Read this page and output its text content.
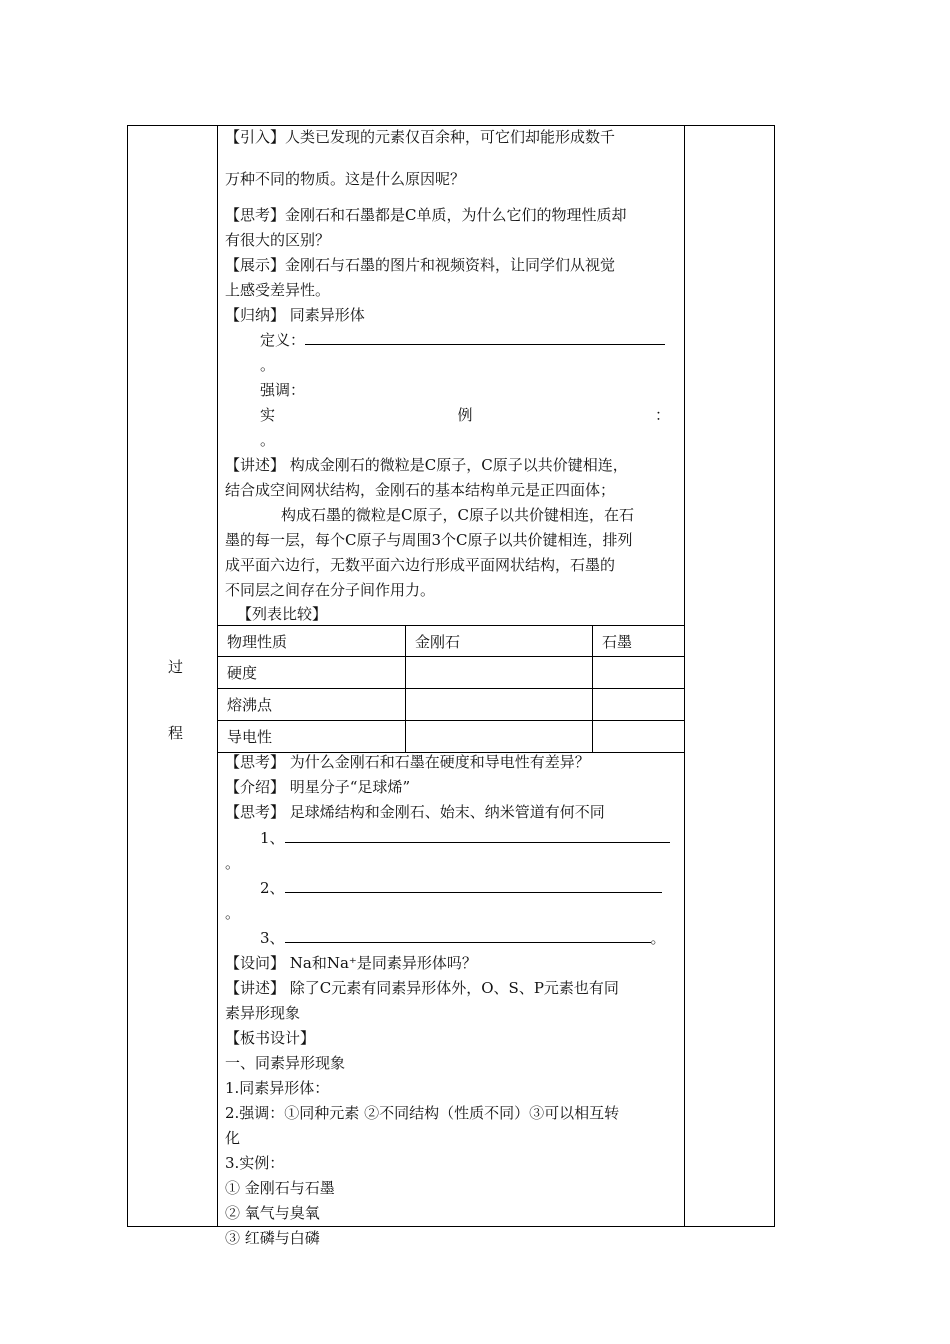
过
程
【引入】人类已发现的元素仅百余种，可它们却能形成数千
万种不同的物质。这是什么原因呢？
【思考】金刚石和石墨都是C单质，为什么它们的物理性质却
有很大的区别？
【展示】金刚石与石墨的图片和视频资料，让同学们从视觉
上感受差异性。
【归纳】 同素异形体
定义：
。
强调：
实	例	：
。
【讲述】 构成金刚石的微粒是C原子，C原子以共价键相连，
结合成空间网状结构，金刚石的基本结构单元是正四面体；
构成石墨的微粒是C原子，C原子以共价键相连，在石
墨的每一层，每个C原子与周围3个C原子以共价键相连，排列
成平面六边行，无数平面六边行形成平面网状结构，石墨的
不同层之间存在分子间作用力。
【列表比较】
【思考】 为什么金刚石和石墨在硬度和导电性有差异？
【介绍】 明星分子“足球烯”
【思考】 足球烯结构和金刚石、始末、纳米管道有何不同
1、
。
2、
。
3、	。
【设问】 Na和Na⁺是同素异形体吗？
【讲述】 除了C元素有同素异形体外，O、S、P元素也有同
素异形现象
【板书设计】
一、同素异形现象
1.同素异形体：
2.强调：①同种元素 ②不同结构（性质不同）③可以相互转
化
3.实例：
① 金刚石与石墨
② 氧气与臭氧
③ 红磷与白磷
物理性质	金刚石	石墨
硬度		
熔沸点		
导电性		
